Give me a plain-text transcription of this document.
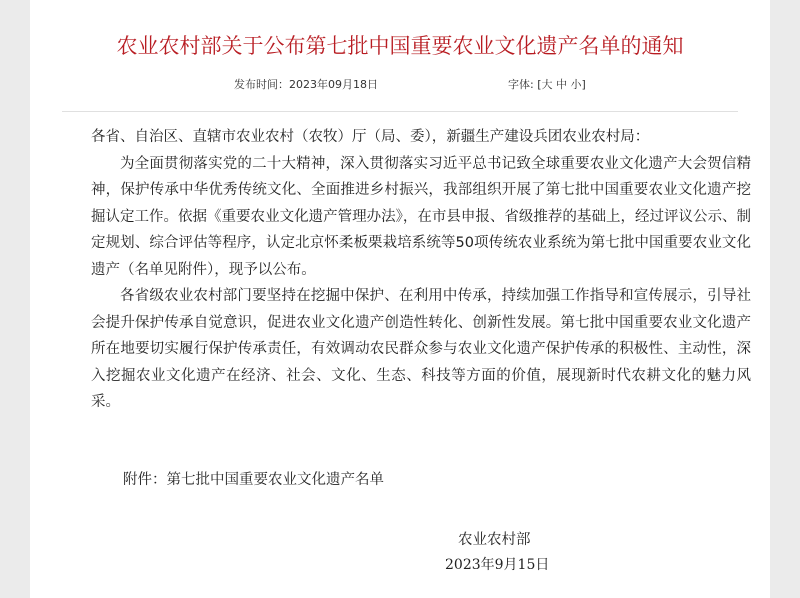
农业农村部关于公布第七批中国重要农业文化遗产名单的通知
发布时间：2023年09月18日	字体: [大 中 小]

各省、自治区、直辖市农业农村（农牧）厅（局、委），新疆生产建设兵团农业农村局：

为全面贯彻落实党的二十大精神，深入贯彻落实习近平总书记致全球重要农业文化遗产大会贺信精神，保护传承中华优秀传统文化、全面推进乡村振兴，我部组织开展了第七批中国重要农业文化遗产挖掘认定工作。依据《重要农业文化遗产管理办法》，在市县申报、省级推荐的基础上，经过评议公示、制定规划、综合评估等程序，认定北京怀柔板栗栽培系统等50项传统农业系统为第七批中国重要农业文化遗产（名单见附件），现予以公布。

各省级农业农村部门要坚持在挖掘中保护、在利用中传承，持续加强工作指导和宣传展示，引导社会提升保护传承自觉意识，促进农业文化遗产创造性转化、创新性发展。第七批中国重要农业文化遗产所在地要切实履行保护传承责任，有效调动农民群众参与农业文化遗产保护传承的积极性、主动性，深入挖掘农业文化遗产在经济、社会、文化、生态、科技等方面的价值，展现新时代农耕文化的魅力风采。

附件：第七批中国重要农业文化遗产名单
农业农村部
2023年9月15日
